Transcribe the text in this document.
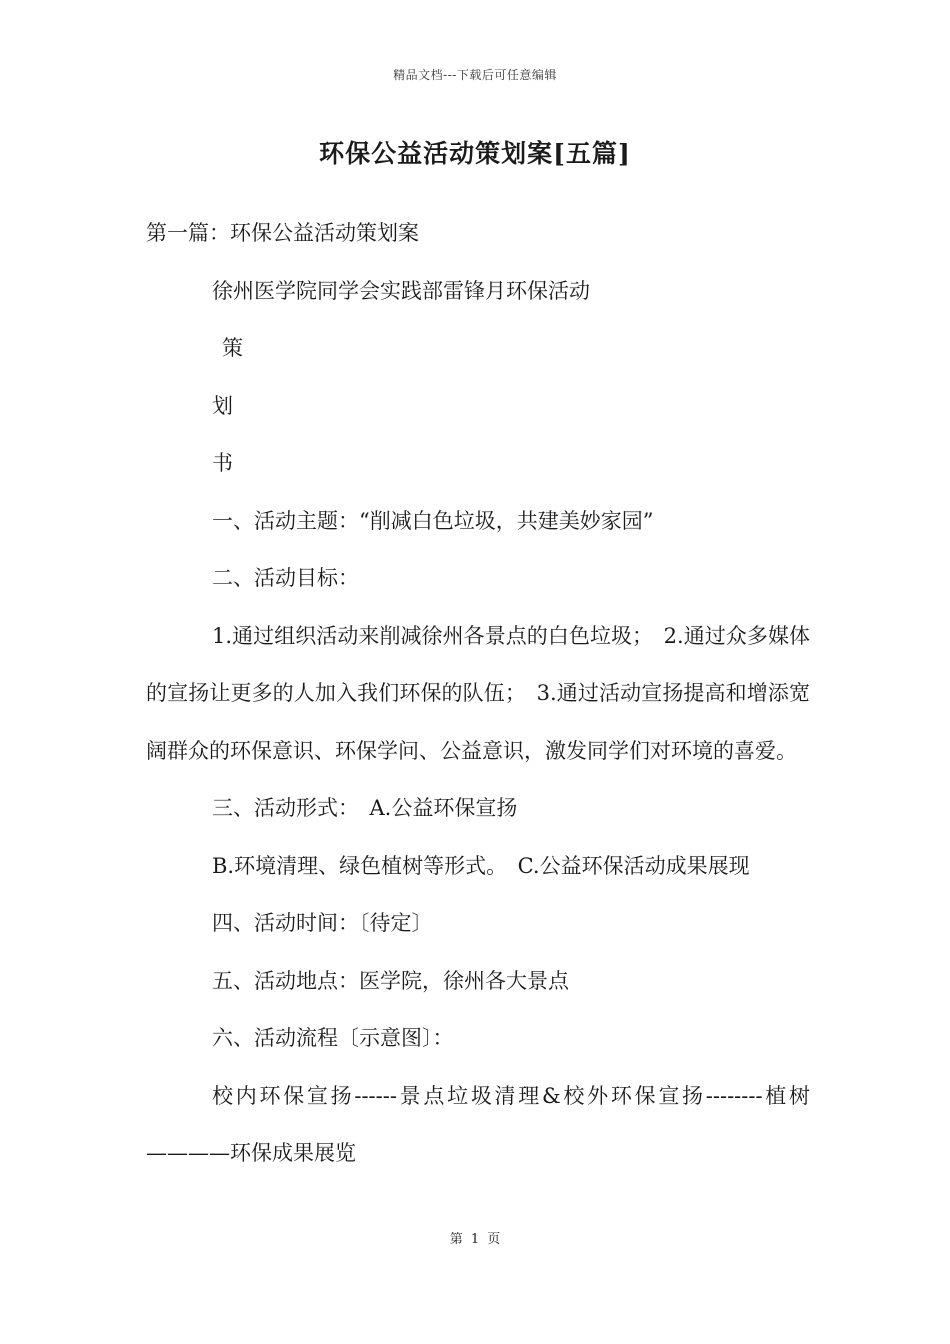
精品文档---下载后可任意编辑
环保公益活动策划案[五篇]

第一篇：环保公益活动策划案

徐州医学院同学会实践部雷锋月环保活动

策

划

书

一、活动主题：“削减白色垃圾，共建美妙家园”

二、活动目标：

1.通过组织活动来削减徐州各景点的白色垃圾；　2.通过众多媒体的宣扬让更多的人加入我们环保的队伍；　3.通过活动宣扬提高和增添宽阔群众的环保意识、环保学问、公益意识，激发同学们对环境的喜爱。

三、活动形式：　A.公益环保宣扬

B.环境清理、绿色植树等形式。　C.公益环保活动成果展现

四、活动时间：〔待定〕

五、活动地点：医学院，徐州各大景点

六、活动流程〔示意图〕：

校内环保宣扬------景点垃圾清理&校外环保宣扬--------植树————环保成果展览

第 1 页
